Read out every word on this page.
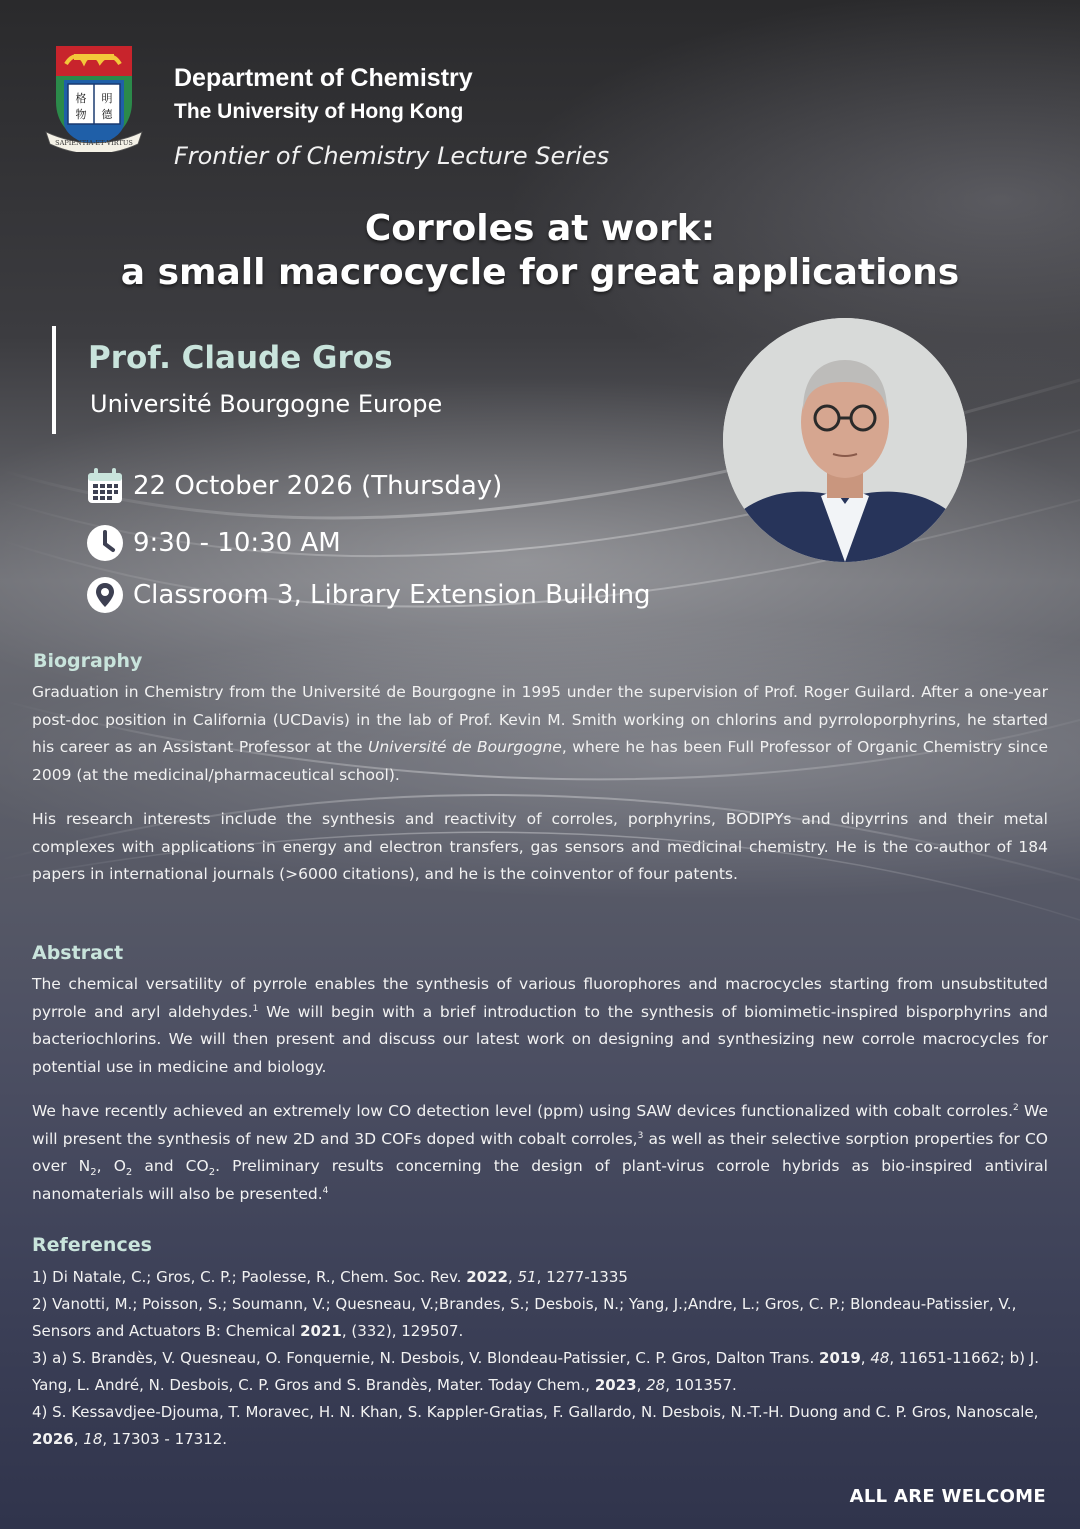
格
物
明
德
SAPIENTIA·ET·VIRTUS
Department of Chemistry
The University of Hong Kong
Frontier of Chemistry Lecture Series
Corroles at work:
a small macrocycle for great applications
Prof. Claude Gros
Université Bourgogne Europe
22 October 2026 (Thursday)
9:30 - 10:30 AM
Classroom 3, Library Extension Building
Biography
Graduation in Chemistry from the Université de Bourgogne in 1995 under the supervision of Prof. Roger Guilard. After a one-year post-doc position in California (UCDavis) in the lab of Prof. Kevin M. Smith working on chlorins and pyrroloporphyrins, he started his career as an Assistant Professor at the Université de Bourgogne, where he has been Full Professor of Organic Chemistry since 2009 (at the medicinal/pharmaceutical school).
His research interests include the synthesis and reactivity of corroles, porphyrins, BODIPYs and dipyrrins and their metal complexes with applications in energy and electron transfers, gas sensors and medicinal chemistry. He is the co-author of 184 papers in international journals (>6000 citations), and he is the coinventor of four patents.
Abstract
The chemical versatility of pyrrole enables the synthesis of various fluorophores and macrocycles starting from unsubstituted pyrrole and aryl aldehydes.$^1$ We will begin with a brief introduction to the synthesis of biomimetic-inspired bisporphyrins and bacteriochlorins. We will then present and discuss our latest work on designing and synthesizing new corrole macrocycles for potential use in medicine and biology.
We have recently achieved an extremely low CO detection level (ppm) using SAW devices functionalized with cobalt corroles.$^2$ We will present the synthesis of new 2D and 3D COFs doped with cobalt corroles,$^3$ as well as their selective sorption properties for CO over $N_2$, $O_2$ and $CO_2$. Preliminary results concerning the design of plant-virus corrole hybrids as bio-inspired antiviral nanomaterials will also be presented.$^4$
References
1) Di Natale, C.; Gros, C. P.; Paolesse, R., Chem. Soc. Rev. 2022, 51, 1277-1335
2) Vanotti, M.; Poisson, S.; Soumann, V.; Quesneau, V.;Brandes, S.; Desbois, N.; Yang, J.;Andre, L.; Gros, C. P.; Blondeau-Patissier, V., Sensors and Actuators B: Chemical 2021, (332), 129507.
3) a) S. Brandès, V. Quesneau, O. Fonquernie, N. Desbois, V. Blondeau-Patissier, C. P. Gros, Dalton Trans. 2019, 48, 11651-11662; b) J. Yang, L. André, N. Desbois, C. P. Gros and S. Brandès, Mater. Today Chem., 2023, 28, 101357.
4) S. Kessavdjee-Djouma, T. Moravec, H. N. Khan, S. Kappler-Gratias, F. Gallardo, N. Desbois, N.-T.-H. Duong and C. P. Gros, Nanoscale, 2026, 18, 17303 - 17312.
ALL ARE WELCOME
